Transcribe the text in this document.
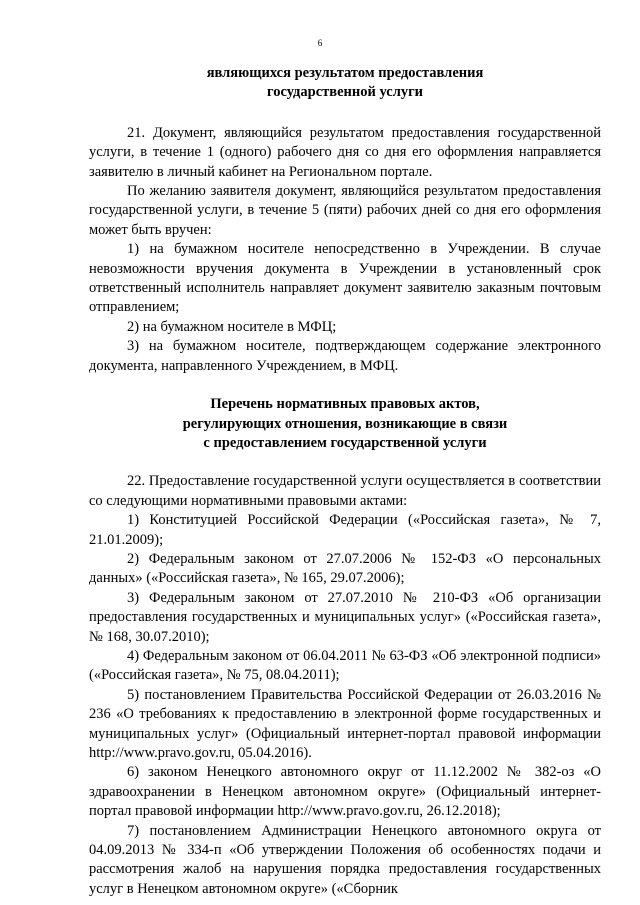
6

являющихся результатом предоставления
государственной услуги

21. Документ, являющийся результатом предоставления государственной услуги, в течение 1 (одного) рабочего дня со дня его оформления направляется заявителю в личный кабинет на Региональном портале.

По желанию заявителя документ, являющийся результатом предоставления государственной услуги, в течение 5 (пяти) рабочих дней со дня его оформления может быть вручен:

1) на бумажном носителе непосредственно в Учреждении. В случае невозможности вручения документа в Учреждении в установленный срок ответственный исполнитель направляет документ заявителю заказным почтовым отправлением;

2) на бумажном носителе в МФЦ;

3) на бумажном носителе, подтверждающем содержание электронного документа, направленного Учреждением, в МФЦ.

Перечень нормативных правовых актов,
регулирующих отношения, возникающие в связи
с предоставлением государственной услуги

22. Предоставление государственной услуги осуществляется в соответствии со следующими нормативными правовыми актами:

1) Конституцией Российской Федерации («Российская газета», № 7, 21.01.2009);

2) Федеральным законом от 27.07.2006 № 152-ФЗ «О персональных данных» («Российская газета», № 165, 29.07.2006);

3) Федеральным законом от 27.07.2010 № 210-ФЗ «Об организации предоставления государственных и муниципальных услуг» («Российская газета», № 168, 30.07.2010);

4) Федеральным законом от 06.04.2011 № 63-ФЗ «Об электронной подписи» («Российская газета», № 75, 08.04.2011);

5) постановлением Правительства Российской Федерации от 26.03.2016 № 236 «О требованиях к предоставлению в электронной форме государственных и муниципальных услуг» (Официальный интернет-портал правовой информации http://www.pravo.gov.ru, 05.04.2016).

6) законом Ненецкого автономного округ от 11.12.2002 № 382-оз «О здравоохранении в Ненецком автономном округе» (Официальный интернет-портал правовой информации http://www.pravo.gov.ru, 26.12.2018);

7) постановлением Администрации Ненецкого автономного округа от 04.09.2013 № 334-п «Об утверждении Положения об особенностях подачи и рассмотрения жалоб на нарушения порядка предоставления государственных услуг в Ненецком автономном округе» («Сборник
